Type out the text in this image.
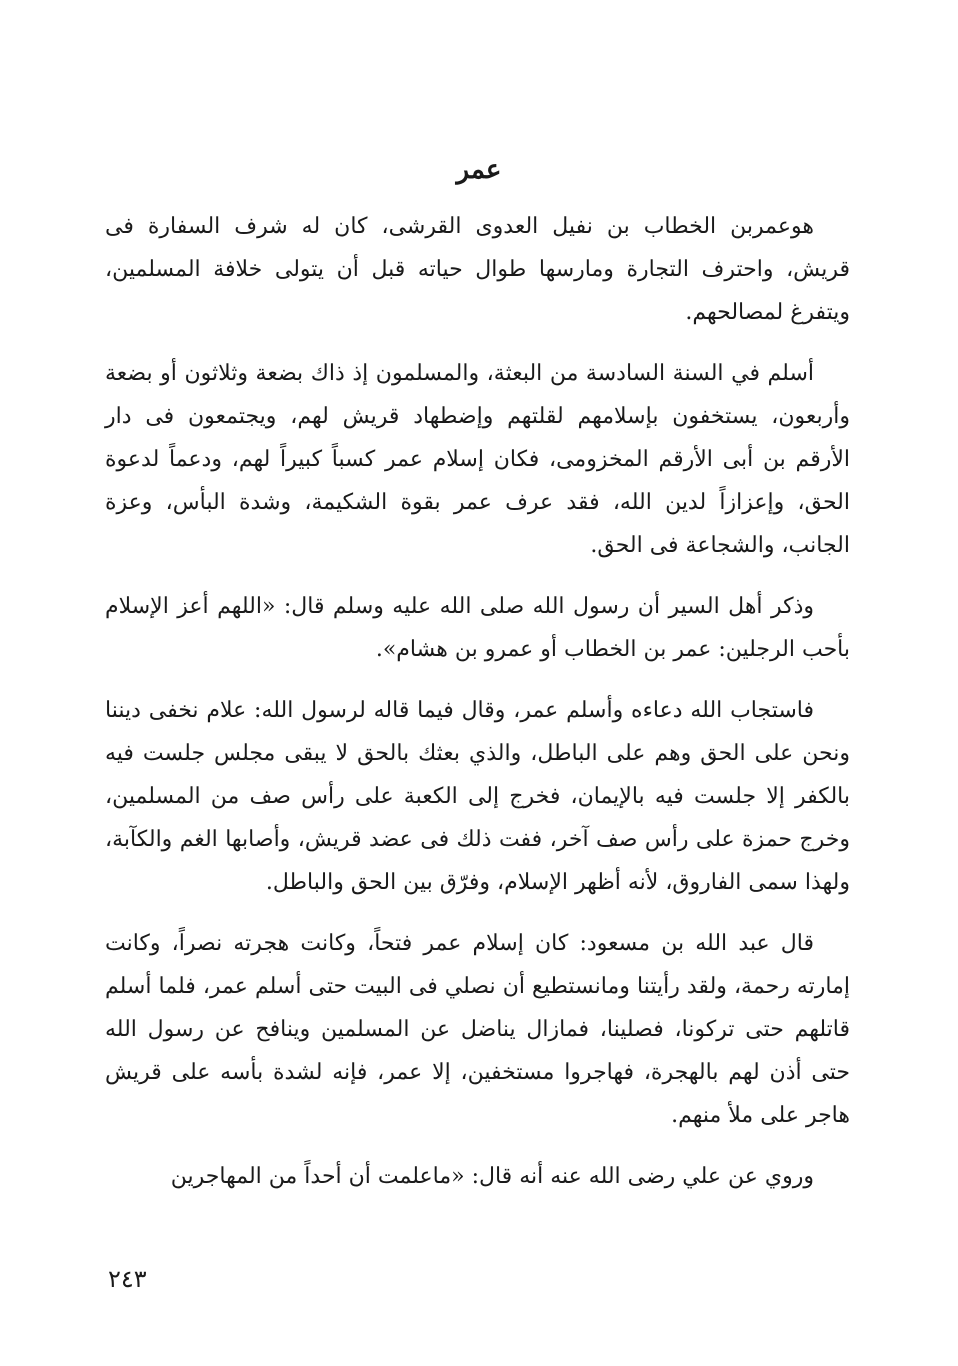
عمر

هوعمربن الخطاب بن نفيل العدوى القرشى، كان له شرف السفارة فى قريش، واحترف التجارة ومارسها طوال حياته قبل أن يتولى خلافة المسلمين، ويتفرغ لمصالحهم.

أسلم في السنة السادسة من البعثة، والمسلمون إذ ذاك بضعة وثلاثون أو بضعة وأربعون، يستخفون بإسلامهم لقلتهم وإضطهاد قريش لهم، ويجتمعون فى دار الأرقم بن أبى الأرقم المخزومى، فكان إسلام عمر كسباً كبيراً لهم، ودعماً لدعوة الحق، وإعزازاً لدين الله، فقد عرف عمر بقوة الشكيمة، وشدة البأس، وعزة الجانب، والشجاعة فى الحق.

وذكر أهل السير أن رسول الله صلى الله عليه وسلم قال: «اللهم أعز الإسلام بأحب الرجلين: عمر بن الخطاب أو عمرو بن هشام».

فاستجاب الله دعاءه وأسلم عمر، وقال فيما قاله لرسول الله: علام نخفى ديننا ونحن على الحق وهم على الباطل، والذي بعثك بالحق لا يبقى مجلس جلست فيه بالكفر إلا جلست فيه بالإيمان، فخرج إلى الكعبة على رأس صف من المسلمين، وخرج حمزة على رأس صف آخر، ففت ذلك فى عضد قريش، وأصابها الغم والكآبة، ولهذا سمى الفاروق، لأنه أظهر الإسلام، وفرّق بين الحق والباطل.

قال عبد الله بن مسعود: كان إسلام عمر فتحاً، وكانت هجرته نصراً، وكانت إمارته رحمة، ولقد رأيتنا ومانستطيع أن نصلي فى البيت حتى أسلم عمر، فلما أسلم قاتلهم حتى تركونا، فصلينا، فمازال يناضل عن المسلمين وينافح عن رسول الله حتى أذن لهم بالهجرة، فهاجروا مستخفين، إلا عمر، فإنه لشدة بأسه على قريش هاجر على ملأ منهم.

وروي عن علي رضى الله عنه أنه قال: «ماعلمت أن أحداً من المهاجرين

٢٤٣
